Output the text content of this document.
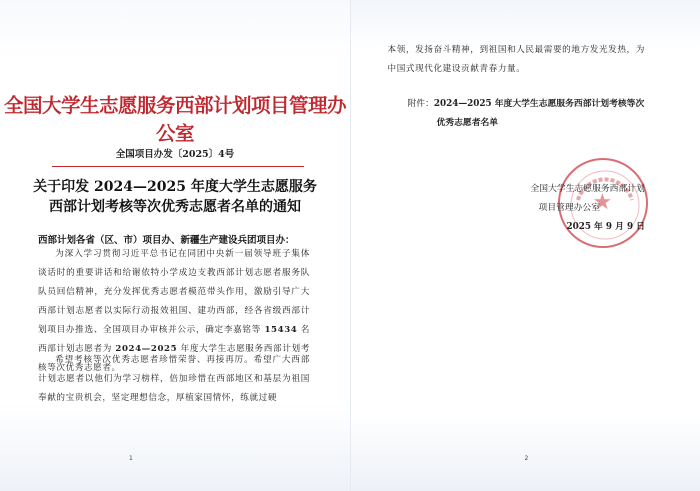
全国大学生志愿服务西部计划项目管理办公室
全国项目办发〔2025〕4号
关于印发 2024—2025 年度大学生志愿服务
西部计划考核等次优秀志愿者名单的通知
西部计划各省（区、市）项目办、新疆生产建设兵团项目办：

为深入学习贯彻习近平总书记在同团中央新一届领导班子集体谈话时的重要讲话和给谢依特小学成边支教西部计划志愿者服务队队员回信精神，充分发挥优秀志愿者模范带头作用，激励引导广大西部计划志愿者以实际行动报效祖国、建功西部，经各省级西部计划项目办推选、全国项目办审核并公示，确定李嘉铭等 15434 名西部计划志愿者为 2024—2025 年度大学生志愿服务西部计划考核等次优秀志愿者。

希望考核等次优秀志愿者珍惜荣誉、再接再厉。希望广大西部计划志愿者以他们为学习榜样，倍加珍惜在西部地区和基层为祖国奉献的宝贵机会，坚定理想信念，厚植家国情怀，练就过硬

1

本领，发扬奋斗精神，到祖国和人民最需要的地方发光发热，为

中国式现代化建设贡献青春力量。

附件：2024—2025 年度大学生志愿服务西部计划考核等次
优秀志愿者名单
★
全国大学生志愿服务西部计划
项目管理办公室
2025 年 9 月 9 日
2
